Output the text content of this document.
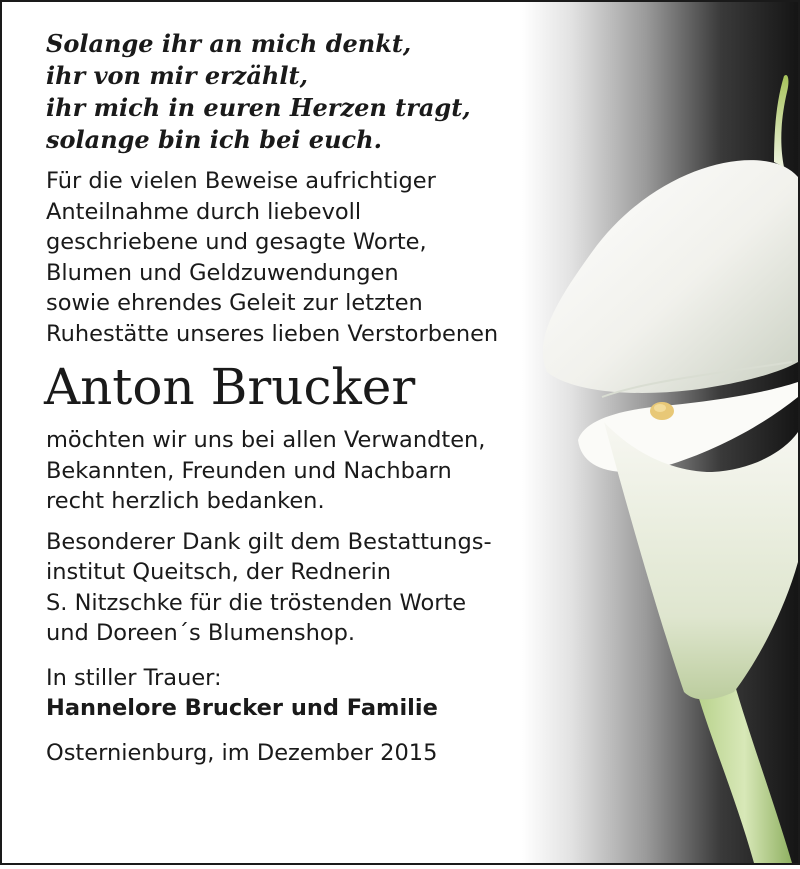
Solange ihr an mich denkt,
ihr von mir erzählt,
ihr mich in euren Herzen tragt,
solange bin ich bei euch.
Für die vielen Beweise aufrichtiger
Anteilnahme durch liebevoll
geschriebene und gesagte Worte,
Blumen und Geldzuwendungen
sowie ehrendes Geleit zur letzten
Ruhestätte unseres lieben Verstorbenen
Anton Brucker
möchten wir uns bei allen Verwandten,
Bekannten, Freunden und Nachbarn
recht herzlich bedanken.
Besonderer Dank gilt dem Bestattungs-
institut Queitsch, der Rednerin
S. Nitzschke für die tröstenden Worte
und Doreen´s Blumenshop.
In stiller Trauer:
Hannelore Brucker und Familie
Osternienburg, im Dezember 2015
